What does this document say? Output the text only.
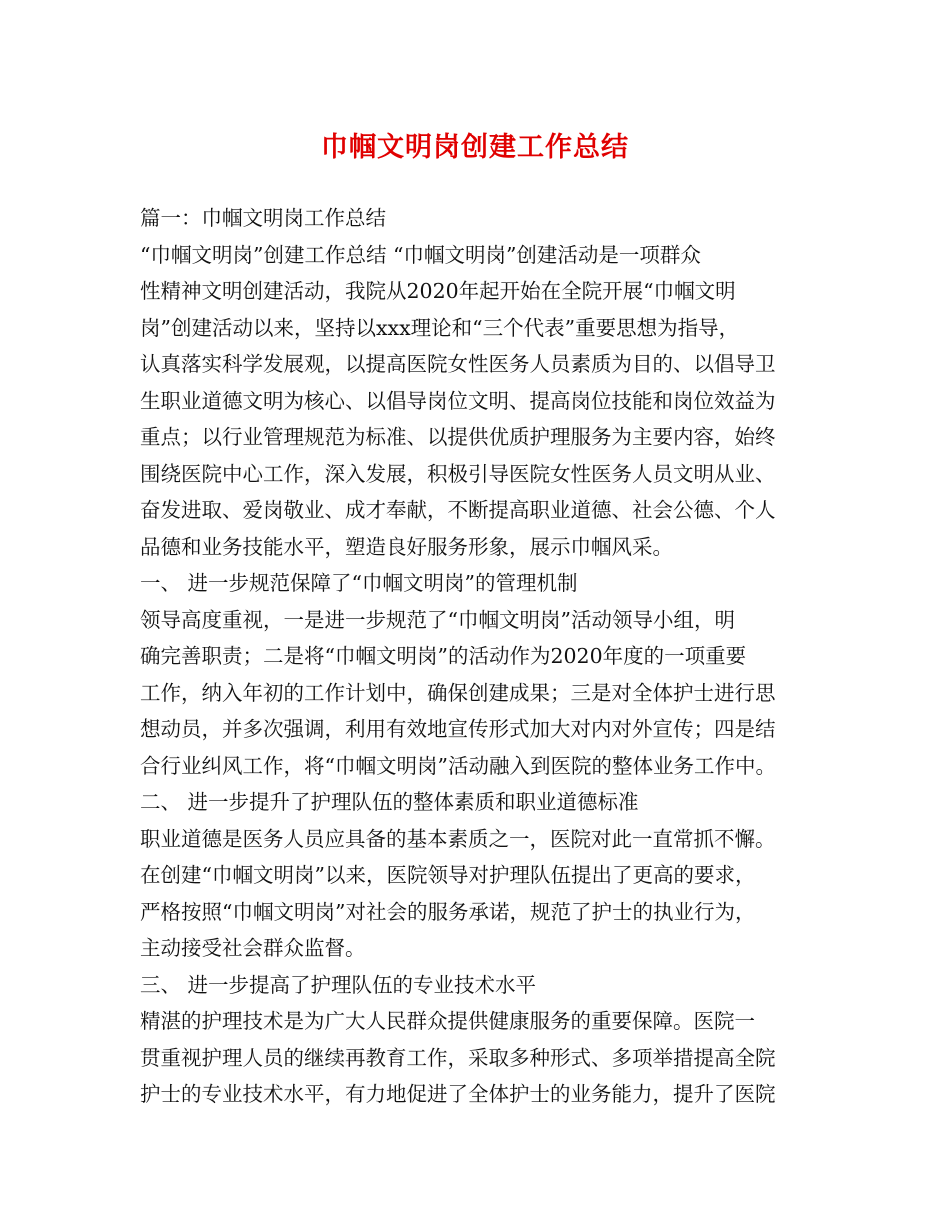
巾帼文明岗创建工作总结
篇一：巾帼文明岗工作总结
“巾帼文明岗”创建工作总结 “巾帼文明岗”创建活动是一项群众
性精神文明创建活动，我院从2020年起开始在全院开展“巾帼文明
岗”创建活动以来，坚持以xxx理论和“三个代表”重要思想为指导，
认真落实科学发展观，以提高医院女性医务人员素质为目的、以倡导卫
生职业道德文明为核心、以倡导岗位文明、提高岗位技能和岗位效益为
重点；以行业管理规范为标准、以提供优质护理服务为主要内容，始终
围绕医院中心工作，深入发展，积极引导医院女性医务人员文明从业、
奋发进取、爱岗敬业、成才奉献，不断提高职业道德、社会公德、个人
品德和业务技能水平，塑造良好服务形象，展示巾帼风采。
一、 进一步规范保障了“巾帼文明岗”的管理机制
领导高度重视，一是进一步规范了“巾帼文明岗”活动领导小组，明
确完善职责；二是将“巾帼文明岗”的活动作为2020年度的一项重要
工作，纳入年初的工作计划中，确保创建成果；三是对全体护士进行思
想动员，并多次强调，利用有效地宣传形式加大对内对外宣传；四是结
合行业纠风工作，将“巾帼文明岗”活动融入到医院的整体业务工作中。
二、 进一步提升了护理队伍的整体素质和职业道德标准
职业道德是医务人员应具备的基本素质之一，医院对此一直常抓不懈。
在创建“巾帼文明岗”以来，医院领导对护理队伍提出了更高的要求，
严格按照“巾帼文明岗”对社会的服务承诺，规范了护士的执业行为，
主动接受社会群众监督。
三、 进一步提高了护理队伍的专业技术水平
精湛的护理技术是为广大人民群众提供健康服务的重要保障。医院一
贯重视护理人员的继续再教育工作，采取多种形式、多项举措提高全院
护士的专业技术水平，有力地促进了全体护士的业务能力，提升了医院
